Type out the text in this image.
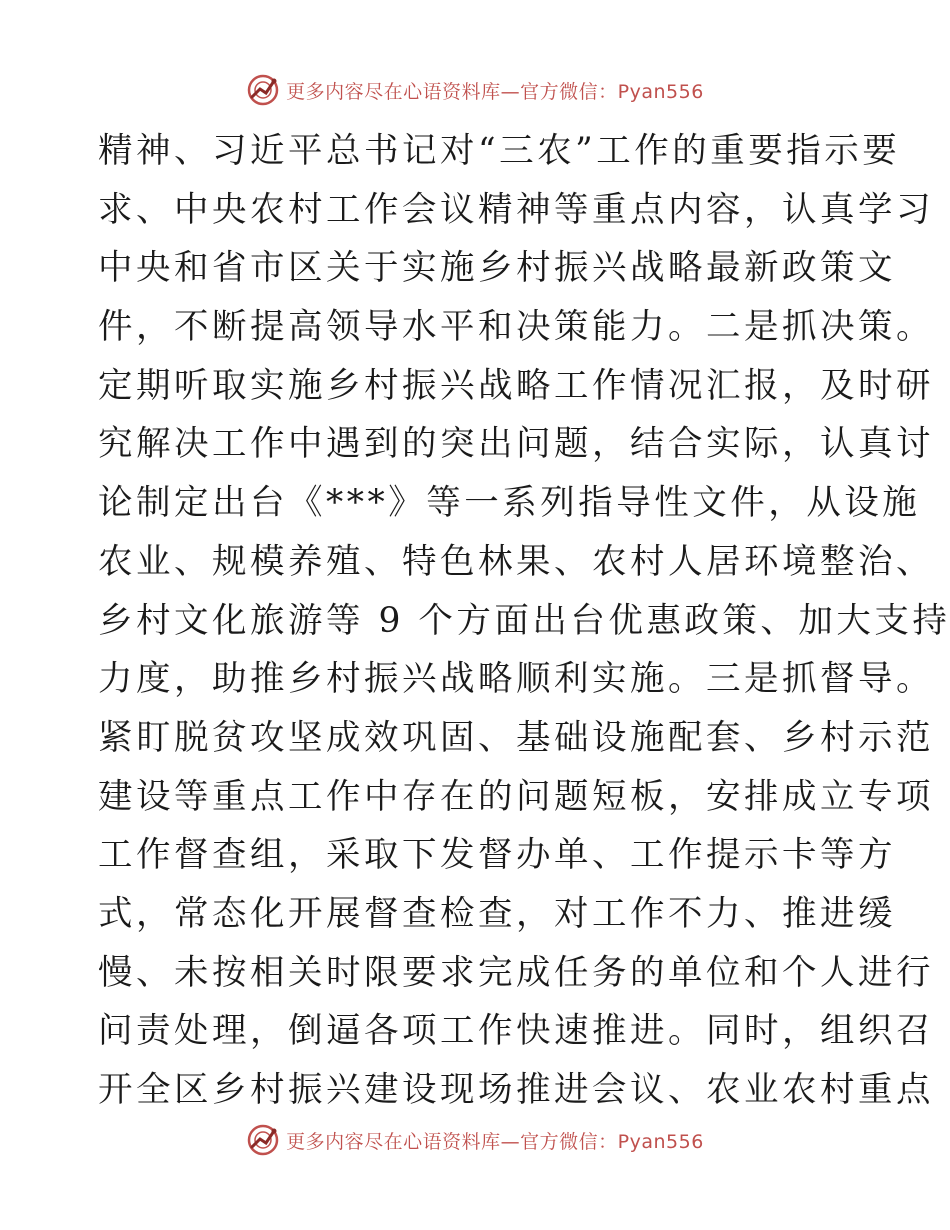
更多内容尽在心语资料库—官方微信：Pyan556
精神、习近平总书记对“三农”工作的重要指示要
求、中央农村工作会议精神等重点内容，认真学习
中央和省市区关于实施乡村振兴战略最新政策文
件，不断提高领导水平和决策能力。二是抓决策。
定期听取实施乡村振兴战略工作情况汇报，及时研
究解决工作中遇到的突出问题，结合实际，认真讨
论制定出台《***》等一系列指导性文件，从设施
农业、规模养殖、特色林果、农村人居环境整治、
乡村文化旅游等 9 个方面出台优惠政策、加大支持
力度，助推乡村振兴战略顺利实施。三是抓督导。
紧盯脱贫攻坚成效巩固、基础设施配套、乡村示范
建设等重点工作中存在的问题短板，安排成立专项
工作督查组，采取下发督办单、工作提示卡等方
式，常态化开展督查检查，对工作不力、推进缓
慢、未按相关时限要求完成任务的单位和个人进行
问责处理，倒逼各项工作快速推进。同时，组织召
开全区乡村振兴建设现场推进会议、农业农村重点
更多内容尽在心语资料库—官方微信：Pyan556
